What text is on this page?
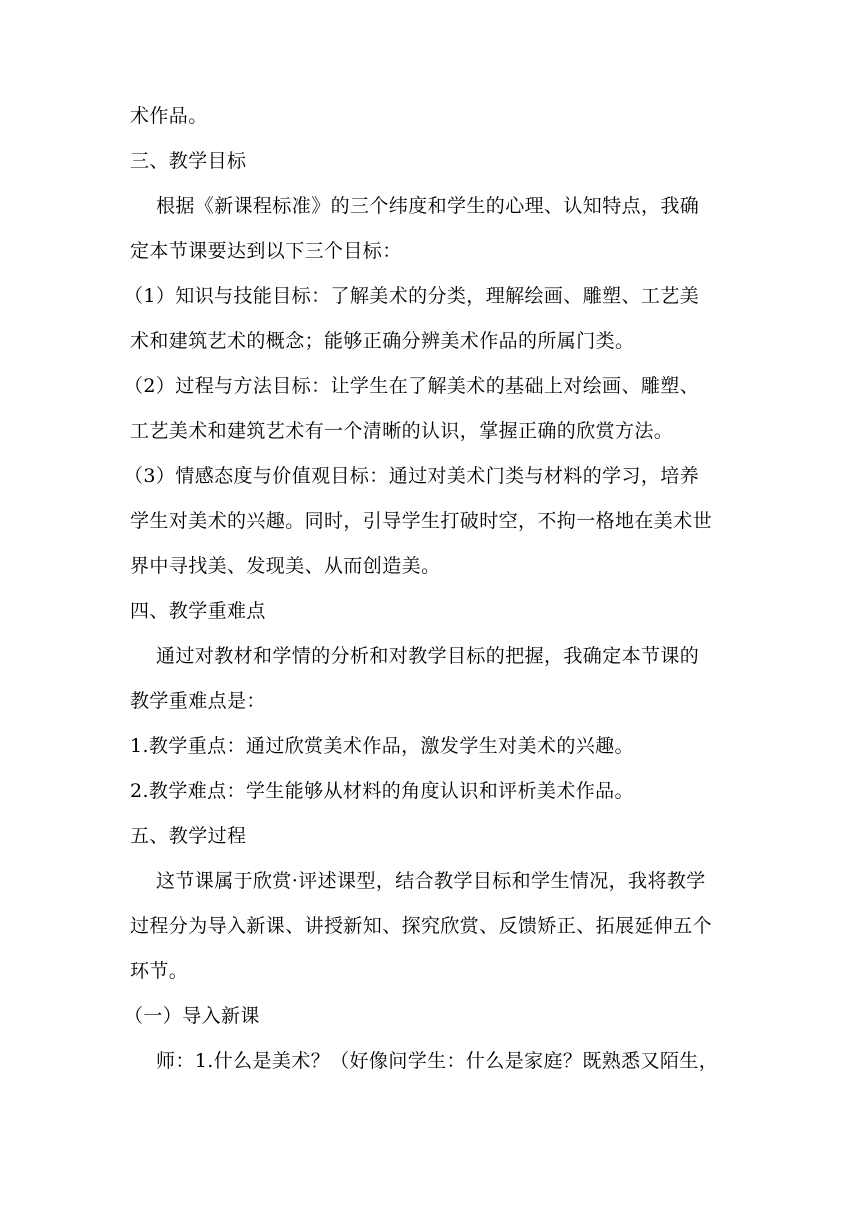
术作品。
三、教学目标
根据《新课程标准》的三个纬度和学生的心理、认知特点，我确
定本节课要达到以下三个目标：
（1）知识与技能目标：了解美术的分类，理解绘画、雕塑、工艺美
术和建筑艺术的概念；能够正确分辨美术作品的所属门类。
（2）过程与方法目标：让学生在了解美术的基础上对绘画、雕塑、
工艺美术和建筑艺术有一个清晰的认识，掌握正确的欣赏方法。
（3）情感态度与价值观目标：通过对美术门类与材料的学习，培养
学生对美术的兴趣。同时，引导学生打破时空，不拘一格地在美术世
界中寻找美、发现美、从而创造美。
四、教学重难点
通过对教材和学情的分析和对教学目标的把握，我确定本节课的
教学重难点是：
1.教学重点：通过欣赏美术作品，激发学生对美术的兴趣。
2.教学难点：学生能够从材料的角度认识和评析美术作品。
五、教学过程
这节课属于欣赏·评述课型，结合教学目标和学生情况，我将教学
过程分为导入新课、讲授新知、探究欣赏、反馈矫正、拓展延伸五个
环节。
（一）导入新课
师：1.什么是美术？（好像问学生：什么是家庭？既熟悉又陌生，
